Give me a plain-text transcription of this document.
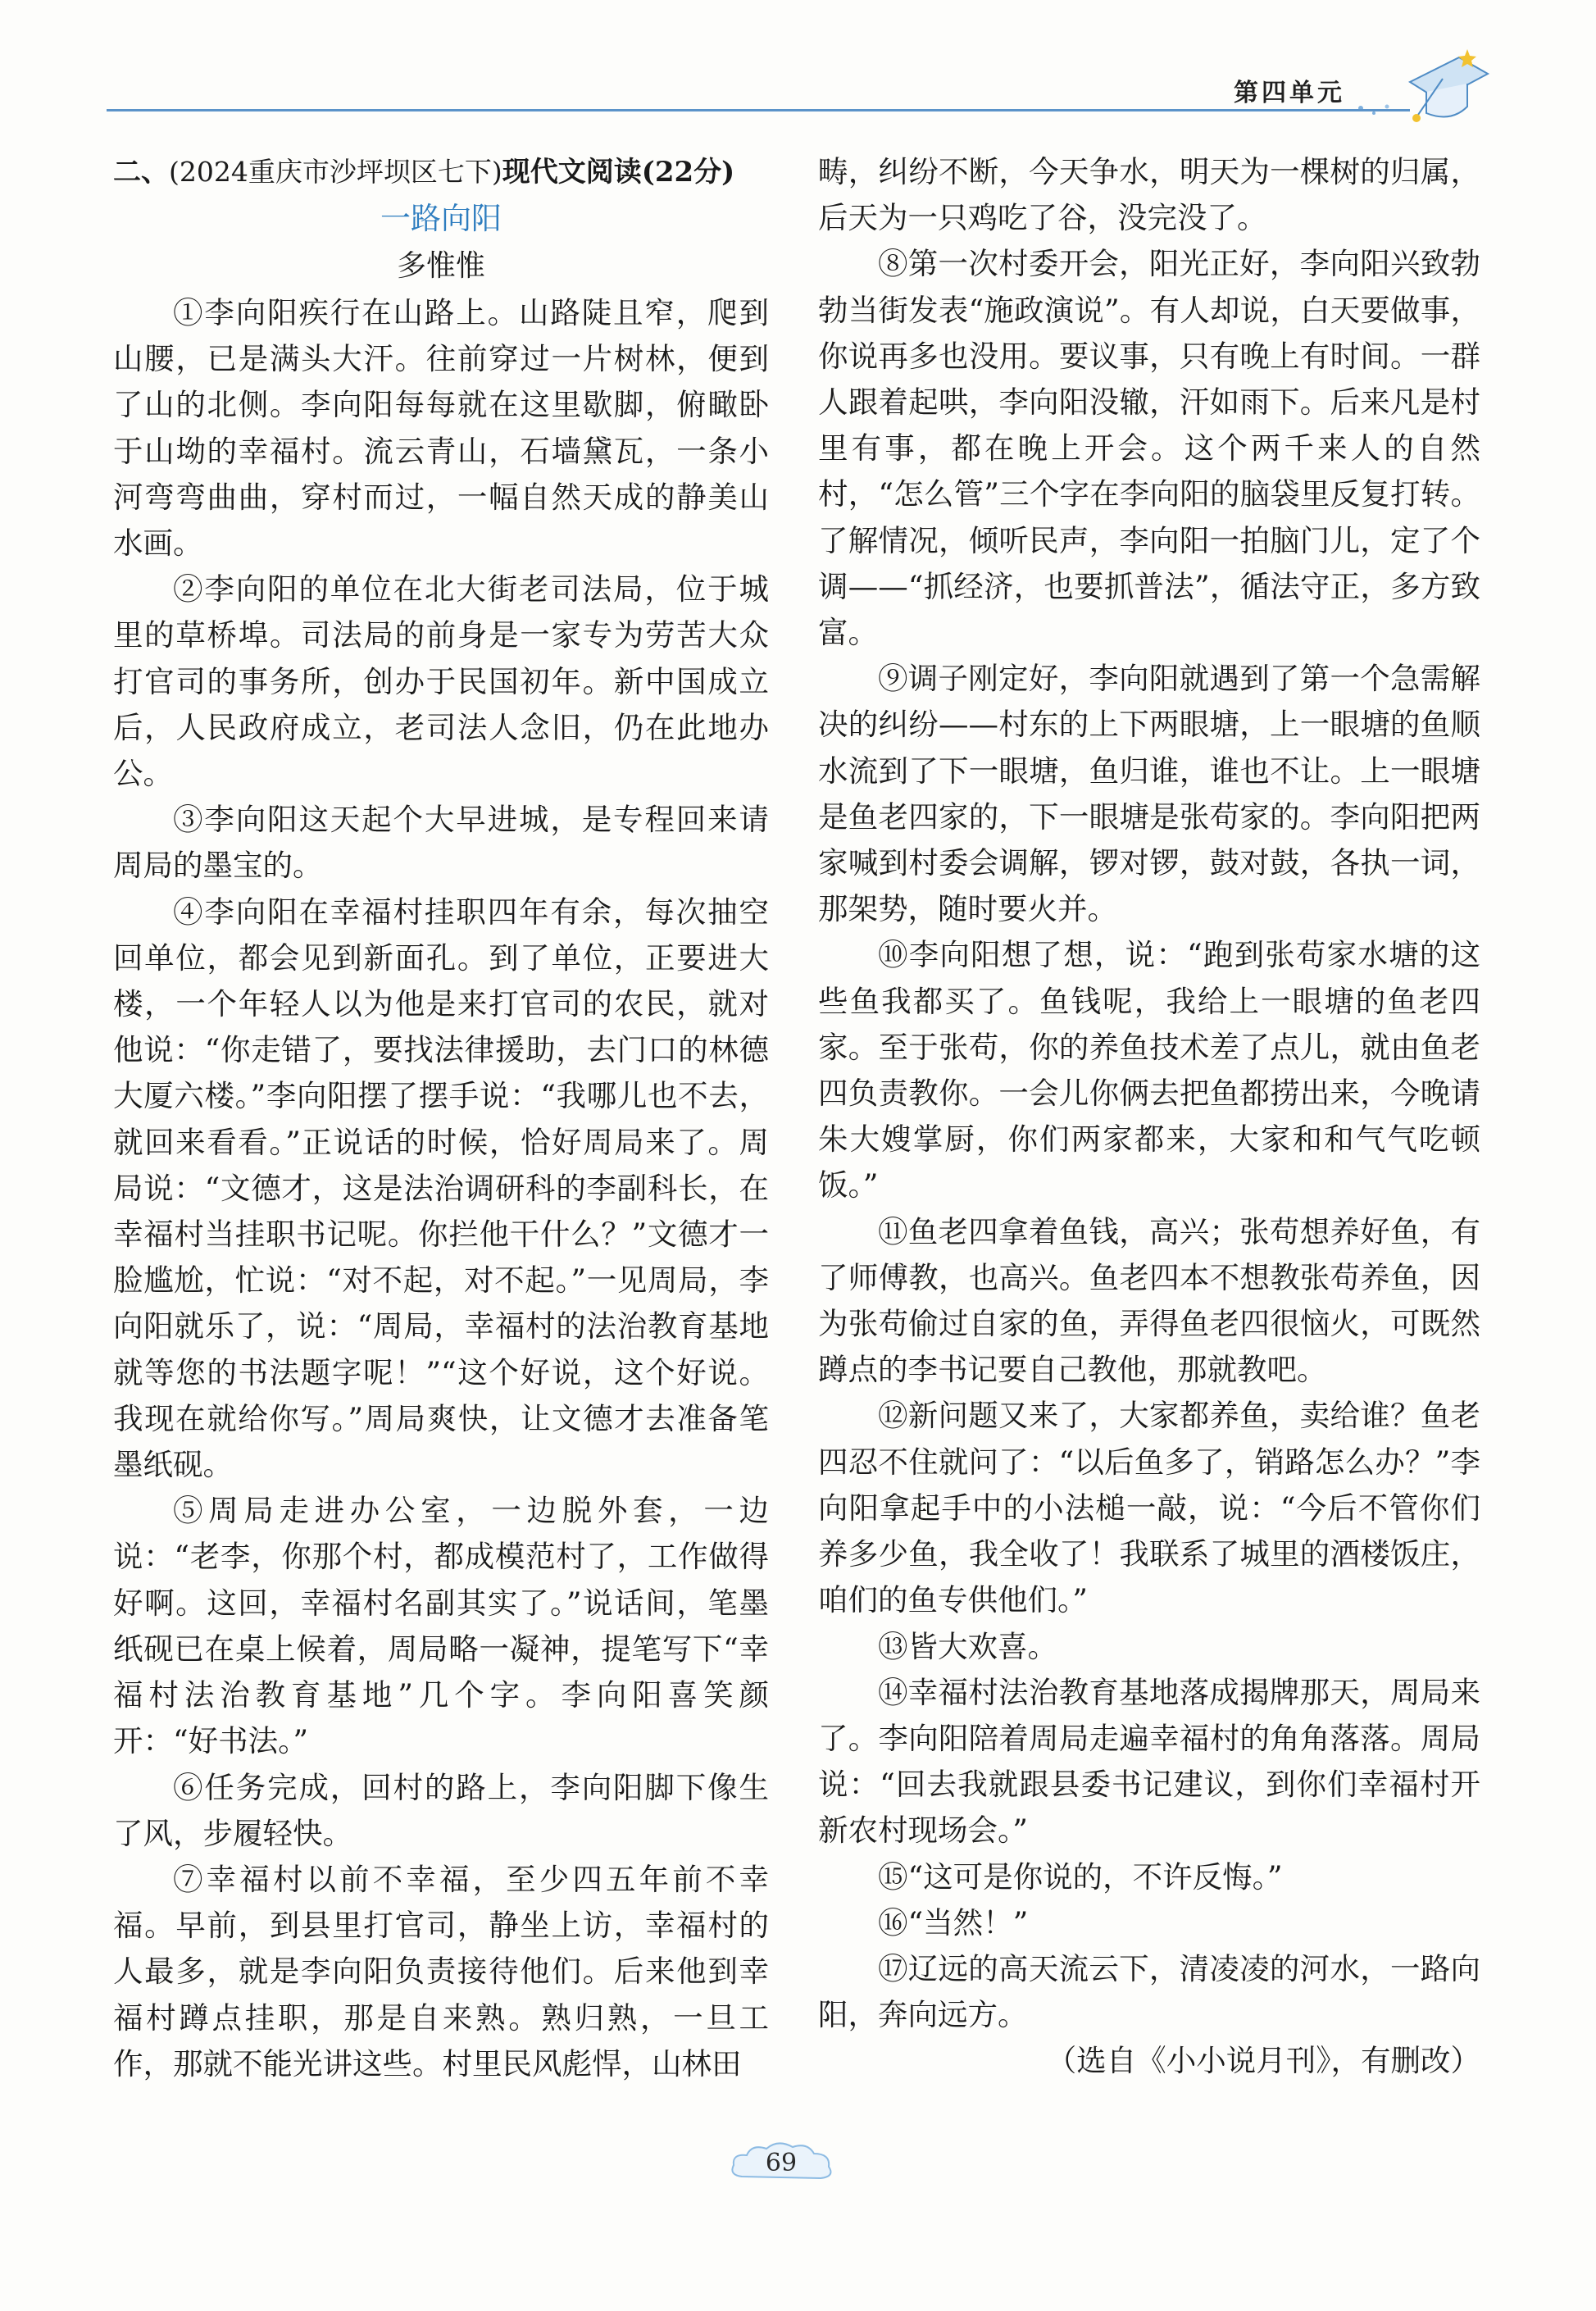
第四单元
二、(2024重庆市沙坪坝区七下)现代文阅读(22分)
一路向阳
多惟惟

①李向阳疾行在山路上。山路陡且窄，爬到山腰，已是满头大汗。往前穿过一片树林，便到了山的北侧。李向阳每每就在这里歇脚，俯瞰卧于山坳的幸福村。流云青山，石墙黛瓦，一条小河弯弯曲曲，穿村而过，一幅自然天成的静美山水画。

②李向阳的单位在北大街老司法局，位于城里的草桥埠。司法局的前身是一家专为劳苦大众打官司的事务所，创办于民国初年。新中国成立后，人民政府成立，老司法人念旧，仍在此地办公。

③李向阳这天起个大早进城，是专程回来请周局的墨宝的。

④李向阳在幸福村挂职四年有余，每次抽空回单位，都会见到新面孔。到了单位，正要进大楼，一个年轻人以为他是来打官司的农民，就对他说：“你走错了，要找法律援助，去门口的林德大厦六楼。”李向阳摆了摆手说：“我哪儿也不去，就回来看看。”正说话的时候，恰好周局来了。周局说：“文德才，这是法治调研科的李副科长，在幸福村当挂职书记呢。你拦他干什么？”文德才一脸尴尬，忙说：“对不起，对不起。”一见周局，李向阳就乐了，说：“周局，幸福村的法治教育基地就等您的书法题字呢！”“这个好说，这个好说。我现在就给你写。”周局爽快，让文德才去准备笔墨纸砚。

⑤周局走进办公室，一边脱外套，一边说：“老李，你那个村，都成模范村了，工作做得好啊。这回，幸福村名副其实了。”说话间，笔墨纸砚已在桌上候着，周局略一凝神，提笔写下“幸福村法治教育基地”几个字。李向阳喜笑颜开：“好书法。”

⑥任务完成，回村的路上，李向阳脚下像生了风，步履轻快。

⑦幸福村以前不幸福，至少四五年前不幸福。早前，到县里打官司，静坐上访，幸福村的人最多，就是李向阳负责接待他们。后来他到幸福村蹲点挂职，那是自来熟。熟归熟，一旦工作，那就不能光讲这些。村里民风彪悍，山林田

畴，纠纷不断，今天争水，明天为一棵树的归属，后天为一只鸡吃了谷，没完没了。

⑧第一次村委开会，阳光正好，李向阳兴致勃勃当街发表“施政演说”。有人却说，白天要做事，你说再多也没用。要议事，只有晚上有时间。一群人跟着起哄，李向阳没辙，汗如雨下。后来凡是村里有事，都在晚上开会。这个两千来人的自然村，“怎么管”三个字在李向阳的脑袋里反复打转。了解情况，倾听民声，李向阳一拍脑门儿，定了个调——“抓经济，也要抓普法”，循法守正，多方致富。

⑨调子刚定好，李向阳就遇到了第一个急需解决的纠纷——村东的上下两眼塘，上一眼塘的鱼顺水流到了下一眼塘，鱼归谁，谁也不让。上一眼塘是鱼老四家的，下一眼塘是张苟家的。李向阳把两家喊到村委会调解，锣对锣，鼓对鼓，各执一词，那架势，随时要火并。

⑩李向阳想了想，说：“跑到张苟家水塘的这些鱼我都买了。鱼钱呢，我给上一眼塘的鱼老四家。至于张苟，你的养鱼技术差了点儿，就由鱼老四负责教你。一会儿你俩去把鱼都捞出来，今晚请朱大嫂掌厨，你们两家都来，大家和和气气吃顿饭。”

⑪鱼老四拿着鱼钱，高兴；张苟想养好鱼，有了师傅教，也高兴。鱼老四本不想教张苟养鱼，因为张苟偷过自家的鱼，弄得鱼老四很恼火，可既然蹲点的李书记要自己教他，那就教吧。

⑫新问题又来了，大家都养鱼，卖给谁？鱼老四忍不住就问了：“以后鱼多了，销路怎么办？”李向阳拿起手中的小法槌一敲，说：“今后不管你们养多少鱼，我全收了！我联系了城里的酒楼饭庄，咱们的鱼专供他们。”

⑬皆大欢喜。

⑭幸福村法治教育基地落成揭牌那天，周局来了。李向阳陪着周局走遍幸福村的角角落落。周局说：“回去我就跟县委书记建议，到你们幸福村开新农村现场会。”

⑮“这可是你说的，不许反悔。”

⑯“当然！”

⑰辽远的高天流云下，清凌凌的河水，一路向阳，奔向远方。

（选自《小小说月刊》，有删改）

69
